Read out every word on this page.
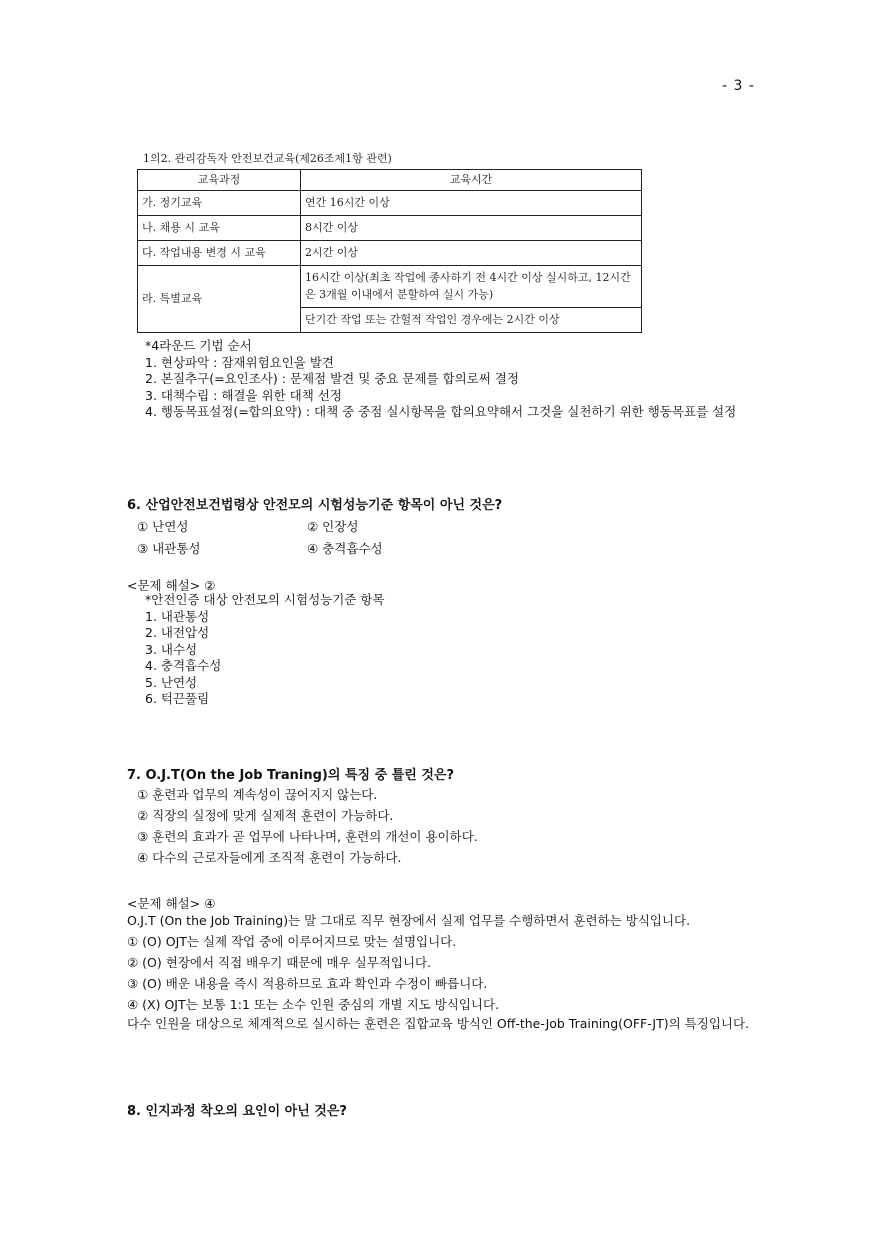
- 3 -
1의2. 관리감독자 안전보건교육(제26조제1항 관련)
교육과정	교육시간
가. 정기교육	연간 16시간 이상
나. 채용 시 교육	8시간 이상
다. 작업내용 변경 시 교육	2시간 이상
라. 특별교육	16시간 이상(최초 작업에 종사하기 전 4시간 이상 실시하고, 12시간은 3개월 이내에서 분할하여 실시 가능)
	단기간 작업 또는 간헐적 작업인 경우에는 2시간 이상
*4라운드 기법 순서
1. 현상파악 : 잠재위험요인을 발견
2. 본질추구(=요인조사) : 문제점 발견 및 중요 문제를 합의로써 결정
3. 대책수립 : 해결을 위한 대책 선정
4. 행동목표설정(=합의요약) : 대책 중 중점 실시항목을 합의요약해서 그것을 실천하기 위한 행동목표를 설정
6. 산업안전보건법령상 안전모의 시험성능기준 항목이 아닌 것은?
① 난연성	② 인장성
③ 내관통성	④ 충격흡수성
<문제 해설> ②
*안전인증 대상 안전모의 시험성능기준 항목
1. 내관통성
2. 내전압성
3. 내수성
4. 충격흡수성
5. 난연성
6. 턱끈풀림
7. O.J.T(On the Job Traning)의 특징 중 틀린 것은?
① 훈련과 업무의 계속성이 끊어지지 않는다.
② 직장의 실정에 맞게 실제적 훈련이 가능하다.
③ 훈련의 효과가 곧 업무에 나타나며, 훈련의 개선이 용이하다.
④ 다수의 근로자들에게 조직적 훈련이 가능하다.
<문제 해설> ④
O.J.T (On the Job Training)는 말 그대로 직무 현장에서 실제 업무를 수행하면서 훈련하는 방식입니다.
① (O) OJT는 실제 작업 중에 이루어지므로 맞는 설명입니다.
② (O) 현장에서 직접 배우기 때문에 매우 실무적입니다.
③ (O) 배운 내용을 즉시 적용하므로 효과 확인과 수정이 빠릅니다.
④ (X) OJT는 보통 1:1 또는 소수 인원 중심의 개별 지도 방식입니다.
다수 인원을 대상으로 체계적으로 실시하는 훈련은 집합교육 방식인 Off-the-Job Training(OFF-JT)의 특징입니다.
8. 인지과정 착오의 요인이 아닌 것은?
